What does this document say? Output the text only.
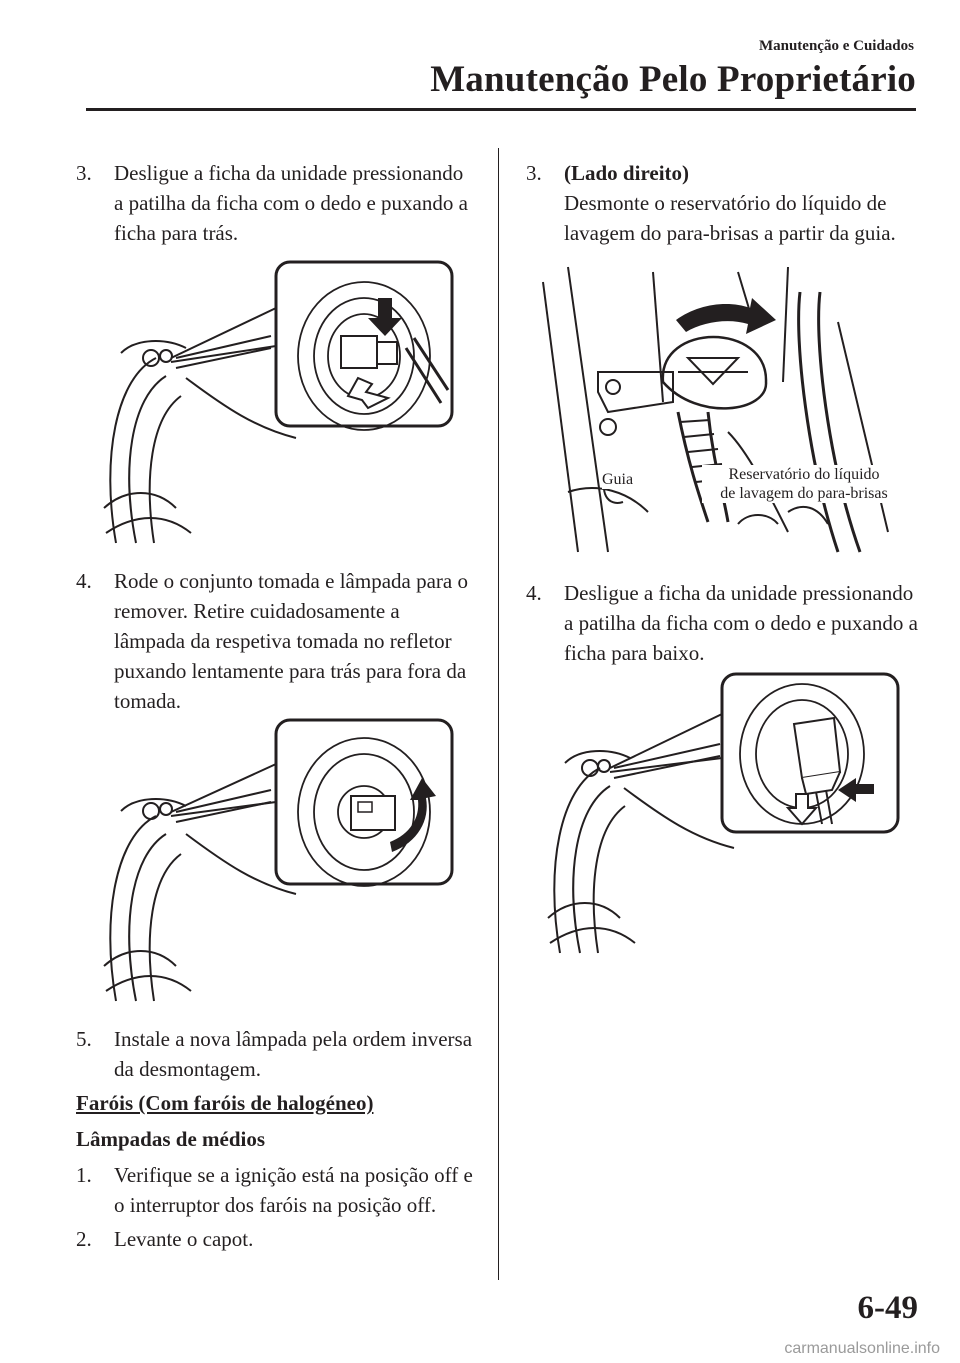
Manutenção e Cuidados
Manutenção Pelo Proprietário
3. Desligue a ficha da unidade pressionando a patilha da ficha com o dedo e puxando a ficha para trás.
4. Rode o conjunto tomada e lâmpada para o remover. Retire cuidadosamente a lâmpada da respetiva tomada no refletor puxando lentamente para trás para fora da tomada.
5. Instale a nova lâmpada pela ordem inversa da desmontagem.
Faróis (Com faróis de halogéneo)
Lâmpadas de médios
1. Verifique se a ignição está na posição off e o interruptor dos faróis na posição off.
2. Levante o capot.
3. (Lado direito)
Desmonte o reservatório do líquido de lavagem do para-brisas a partir da guia.
Guia	Reservatório do líquido
de lavagem do para-brisas
4. Desligue a ficha da unidade pressionando a patilha da ficha com o dedo e puxando a ficha para baixo.
6-49
carmanualsonline.info
